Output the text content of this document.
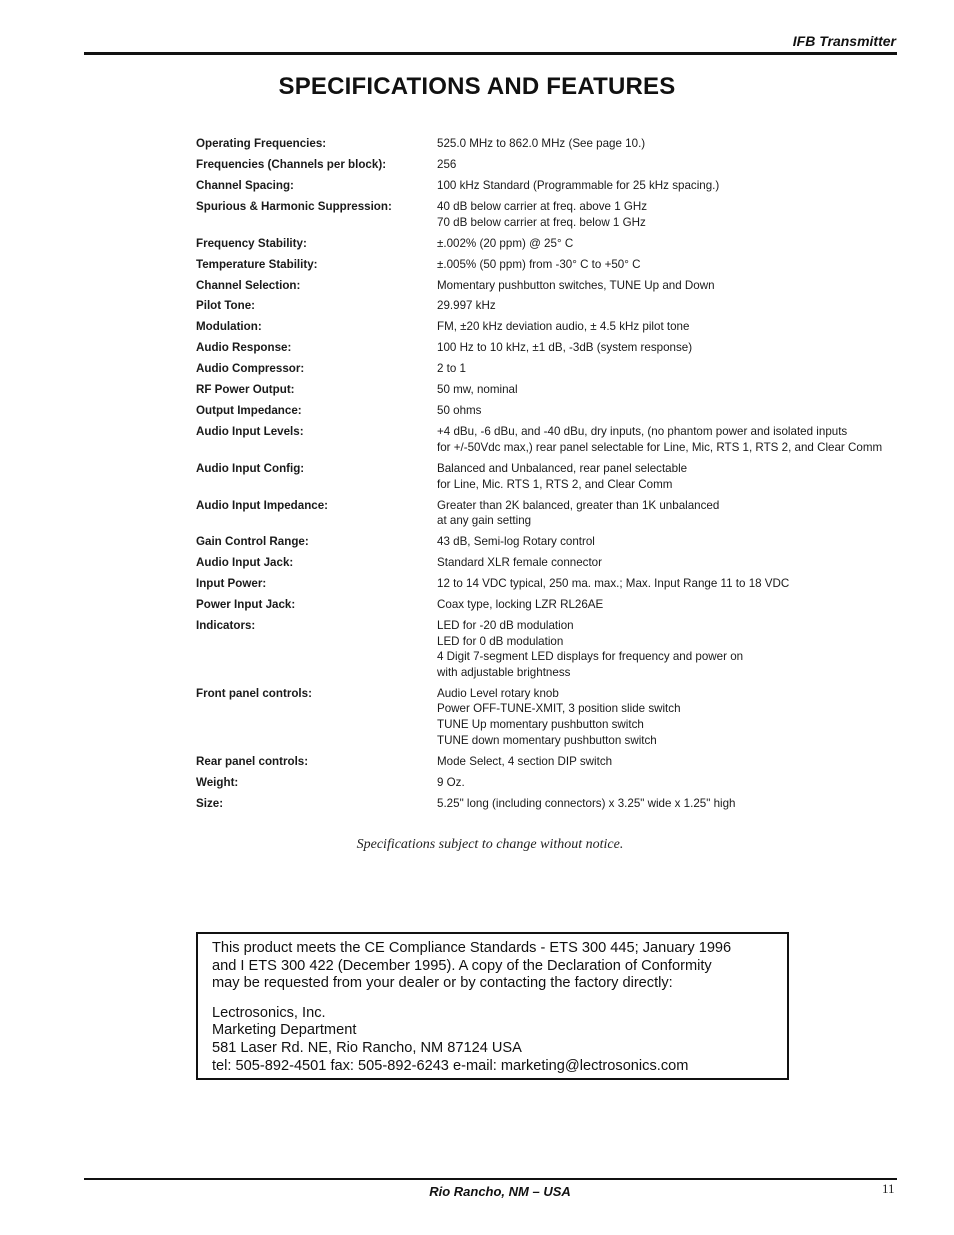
IFB Transmitter
SPECIFICATIONS AND FEATURES
Operating Frequencies:	525.0 MHz to 862.0 MHz (See page 10.)
Frequencies (Channels per block):	256
Channel Spacing:	100 kHz Standard (Programmable for 25 kHz spacing.)
Spurious & Harmonic Suppression:	40 dB below carrier at freq. above 1 GHz
70 dB below carrier at freq. below 1 GHz
Frequency Stability:	±.002% (20 ppm) @ 25° C
Temperature Stability:	±.005% (50 ppm) from -30° C to +50° C
Channel Selection:	Momentary pushbutton switches, TUNE Up and Down
Pilot Tone:	29.997 kHz
Modulation:	FM, ±20 kHz deviation audio, ± 4.5 kHz pilot tone
Audio Response:	100 Hz to 10 kHz, ±1 dB, -3dB (system response)
Audio Compressor:	2 to 1
RF Power Output:	50 mw, nominal
Output Impedance:	50 ohms
Audio Input Levels:	+4 dBu, -6 dBu, and -40 dBu, dry inputs, (no phantom power and isolated inputs
for +/-50Vdc max,) rear panel selectable for Line, Mic, RTS 1, RTS 2, and Clear Comm
Audio Input Config:	Balanced and Unbalanced, rear panel selectable
for Line, Mic. RTS 1, RTS 2, and Clear Comm
Audio Input Impedance:	Greater than 2K balanced, greater than 1K unbalanced
at any gain setting
Gain Control Range:	43 dB, Semi-log Rotary control
Audio Input Jack:	Standard XLR female connector
Input Power:	12 to 14 VDC typical, 250 ma. max.; Max. Input Range 11 to 18 VDC
Power Input Jack:	Coax type, locking LZR RL26AE
Indicators:	LED for -20 dB modulation
LED for 0 dB modulation
4 Digit 7-segment LED displays for frequency and power on
with adjustable brightness
Front panel controls:	Audio Level rotary knob
Power OFF-TUNE-XMIT, 3 position slide switch
TUNE Up momentary pushbutton switch
TUNE down momentary pushbutton switch
Rear panel controls:	Mode Select, 4 section DIP switch
Weight:	9 Oz.
Size:	5.25" long (including connectors) x 3.25" wide x 1.25" high
Specifications subject to change without notice.

This product meets the CE Compliance Standards - ETS 300 445; January 1996

and I ETS 300 422 (December 1995). A copy of the Declaration of Conformity

may be requested from your dealer or by contacting the factory directly:

Lectrosonics, Inc.

Marketing Department

581 Laser Rd. NE, Rio Rancho, NM 87124 USA

tel: 505-892-4501 fax: 505-892-6243 e-mail: marketing@lectrosonics.com

Rio Rancho, NM – USA	11
